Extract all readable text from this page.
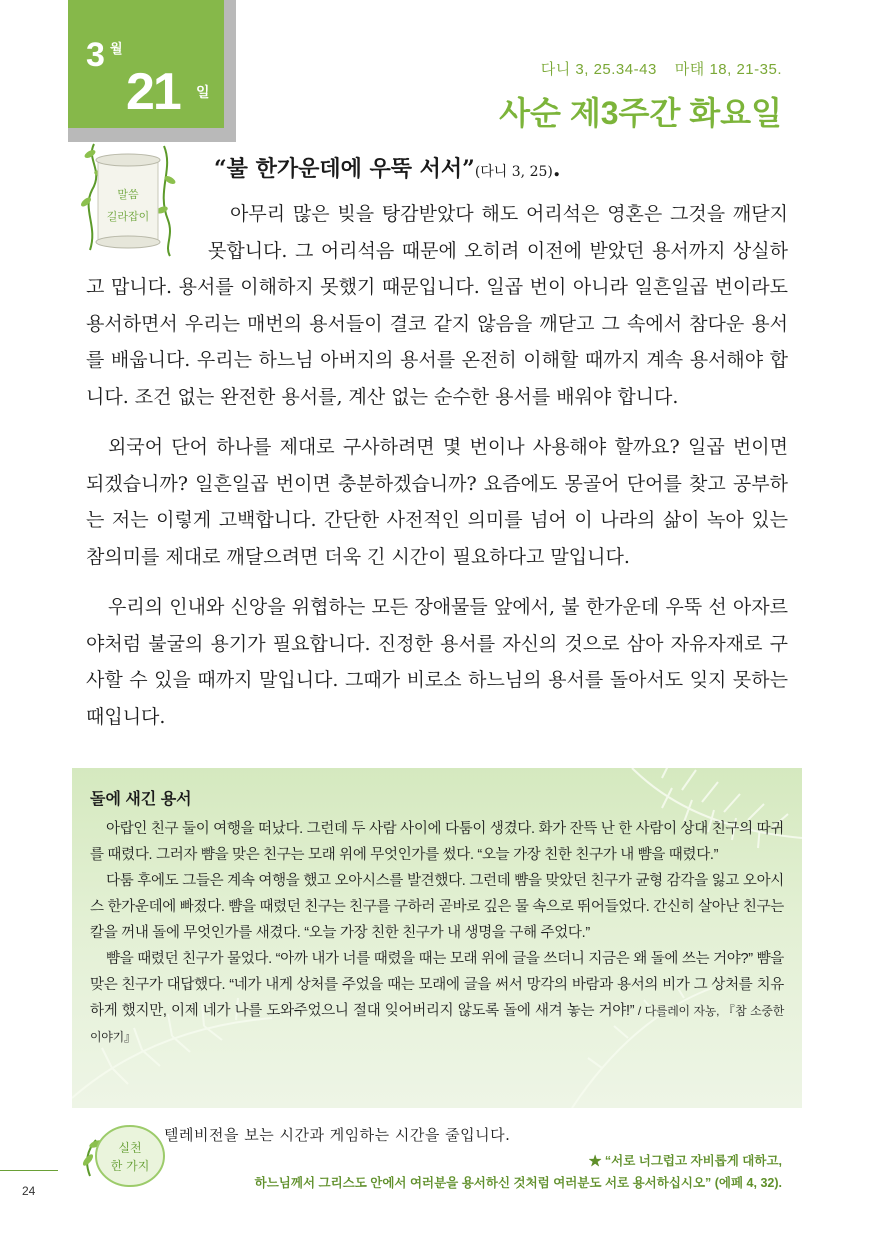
3 월
21 일
다니 3, 25.34-43 마태 18, 21-35.
사순 제3주간 화요일
말씀
길라잡이
“불 한가운데에 우뚝 서서”(다니 3, 25).

아무리 많은 빚을 탕감받았다 해도 어리석은 영혼은 그것을 깨닫지 못합니다. 그 어리석음 때문에 오히려 이전에 받았던 용서까지 상실하고 맙니다. 용서를 이해하지 못했기 때문입니다. 일곱 번이 아니라 일흔일곱 번이라도 용서하면서 우리는 매번의 용서들이 결코 같지 않음을 깨닫고 그 속에서 참다운 용서를 배웁니다. 우리는 하느님 아버지의 용서를 온전히 이해할 때까지 계속 용서해야 합니다. 조건 없는 완전한 용서를, 계산 없는 순수한 용서를 배워야 합니다.

외국어 단어 하나를 제대로 구사하려면 몇 번이나 사용해야 할까요? 일곱 번이면 되겠습니까? 일흔일곱 번이면 충분하겠습니까? 요즘에도 몽골어 단어를 찾고 공부하는 저는 이렇게 고백합니다. 간단한 사전적인 의미를 넘어 이 나라의 삶이 녹아 있는 참의미를 제대로 깨달으려면 더욱 긴 시간이 필요하다고 말입니다.

우리의 인내와 신앙을 위협하는 모든 장애물들 앞에서, 불 한가운데 우뚝 선 아자르야처럼 불굴의 용기가 필요합니다. 진정한 용서를 자신의 것으로 삼아 자유자재로 구사할 수 있을 때까지 말입니다. 그때가 비로소 하느님의 용서를 돌아서도 잊지 못하는 때입니다.

돌에 새긴 용서

아랍인 친구 둘이 여행을 떠났다. 그런데 두 사람 사이에 다툼이 생겼다. 화가 잔뜩 난 한 사람이 상대 친구의 따귀를 때렸다. 그러자 뺨을 맞은 친구는 모래 위에 무엇인가를 썼다. “오늘 가장 친한 친구가 내 뺨을 때렸다.”

다툼 후에도 그들은 계속 여행을 했고 오아시스를 발견했다. 그런데 뺨을 맞았던 친구가 균형 감각을 잃고 오아시스 한가운데에 빠졌다. 뺨을 때렸던 친구는 친구를 구하러 곧바로 깊은 물 속으로 뛰어들었다. 간신히 살아난 친구는 칼을 꺼내 돌에 무엇인가를 새겼다. “오늘 가장 친한 친구가 내 생명을 구해 주었다.”

뺨을 때렸던 친구가 물었다. “아까 내가 너를 때렸을 때는 모래 위에 글을 쓰더니 지금은 왜 돌에 쓰는 거야?” 뺨을 맞은 친구가 대답했다. “네가 내게 상처를 주었을 때는 모래에 글을 써서 망각의 바람과 용서의 비가 그 상처를 치유하게 했지만, 이제 네가 나를 도와주었으니 절대 잊어버리지 않도록 돌에 새겨 놓는 거야!” / 다를레이 자농, 『참 소중한 이야기』

실천
한 가지
텔레비전을 보는 시간과 게임하는 시간을 줄입니다.
★ “서로 너그럽고 자비롭게 대하고,
하느님께서 그리스도 안에서 여러분을 용서하신 것처럼 여러분도 서로 용서하십시오” (에페 4, 32).
24
